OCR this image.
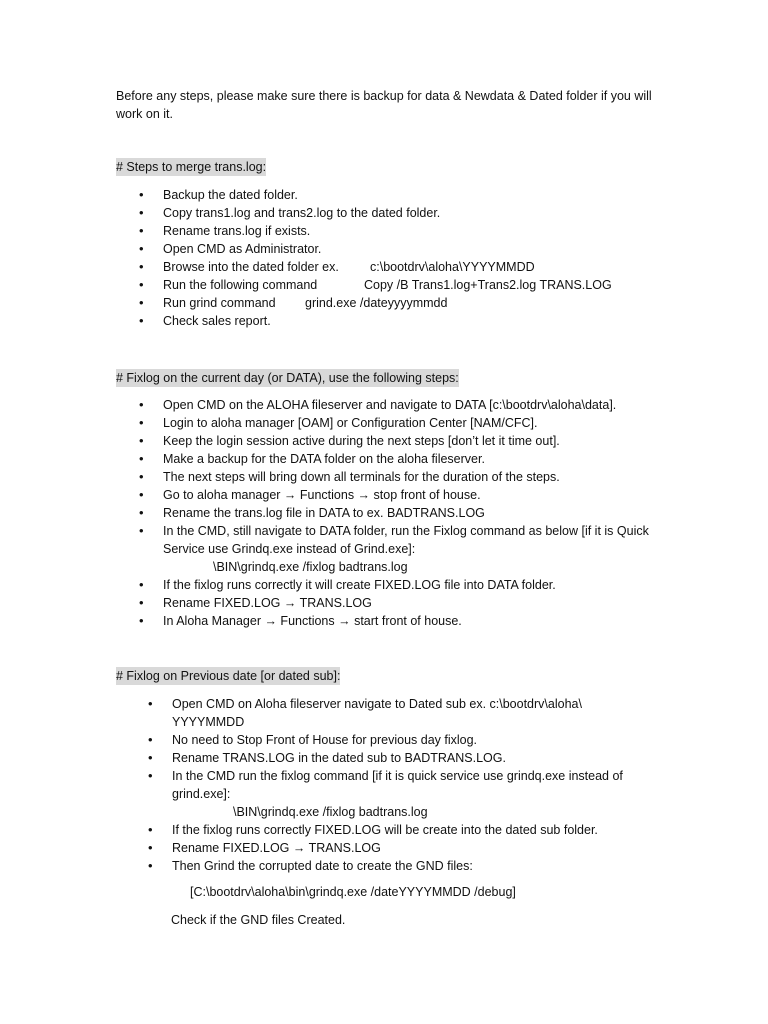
Before any steps, please make sure there is backup for data & Newdata & Dated folder if you will work on it.

# Steps to merge trans.log:

• Backup the dated folder.
• Copy trans1.log and trans2.log to the dated folder.
• Rename trans.log if exists.
• Open CMD as Administrator.
• Browse into the dated folder ex. c:\bootdrv\aloha\YYYYMMDD
• Run the following command	Copy /B Trans1.log+Trans2.log TRANS.LOG
• Run grind command grind.exe /dateyyyymmdd
• Check sales report.

# Fixlog on the current day (or DATA), use the following steps:

• Open CMD on the ALOHA fileserver and navigate to DATA [c:\bootdrv\aloha\data].
• Login to aloha manager [OAM] or Configuration Center [NAM/CFC].
• Keep the login session active during the next steps [don’t let it time out].
• Make a backup for the DATA folder on the aloha fileserver.
• The next steps will bring down all terminals for the duration of the steps.
• Go to aloha manager → Functions → stop front of house.
• Rename the trans.log file in DATA to ex. BADTRANS.LOG
• In the CMD, still navigate to DATA folder, run the Fixlog command as below [if it is Quick Service use Grindq.exe instead of Grind.exe]:
\BIN\grindq.exe /fixlog badtrans.log
• If the fixlog runs correctly it will create FIXED.LOG file into DATA folder.
• Rename FIXED.LOG → TRANS.LOG
• In Aloha Manager → Functions → start front of house.

# Fixlog on Previous date [or dated sub]:

• Open CMD on Aloha fileserver navigate to Dated sub ex. c:\bootdrv\aloha\ YYYYMMDD
• No need to Stop Front of House for previous day fixlog.
• Rename TRANS.LOG in the dated sub to BADTRANS.LOG.
• In the CMD run the fixlog command [if it is quick service use grindq.exe instead of grind.exe]:
\BIN\grindq.exe /fixlog badtrans.log
• If the fixlog runs correctly FIXED.LOG will be create into the dated sub folder.
• Rename FIXED.LOG → TRANS.LOG
• Then Grind the corrupted date to create the GND files:

[C:\bootdrv\aloha\bin\grindq.exe /dateYYYYMMDD /debug]

Check if the GND files Created.
